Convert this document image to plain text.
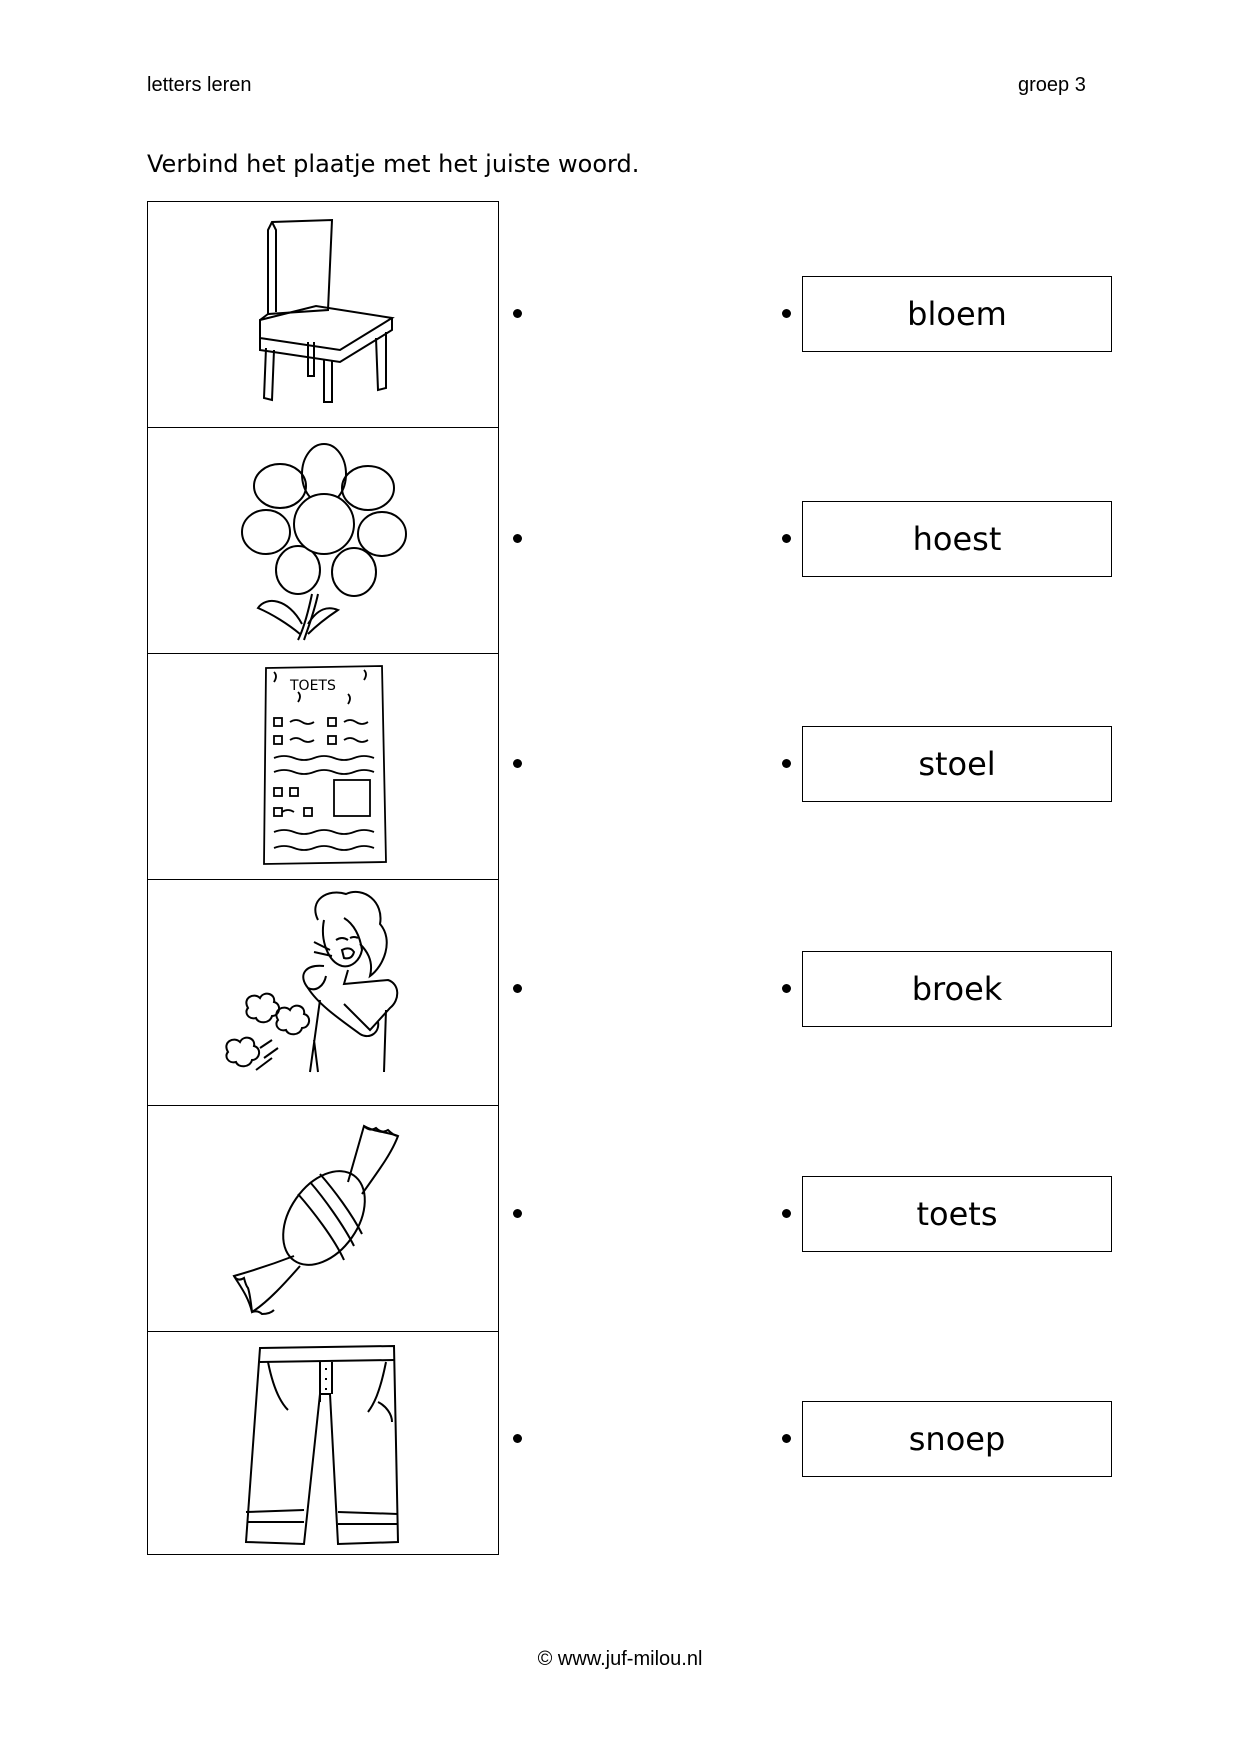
letters leren	groep 3
Verbind het plaatje met het juiste woord.
TOETS
bloem
hoest
stoel
broek
toets
snoep
© www.juf-milou.nl
